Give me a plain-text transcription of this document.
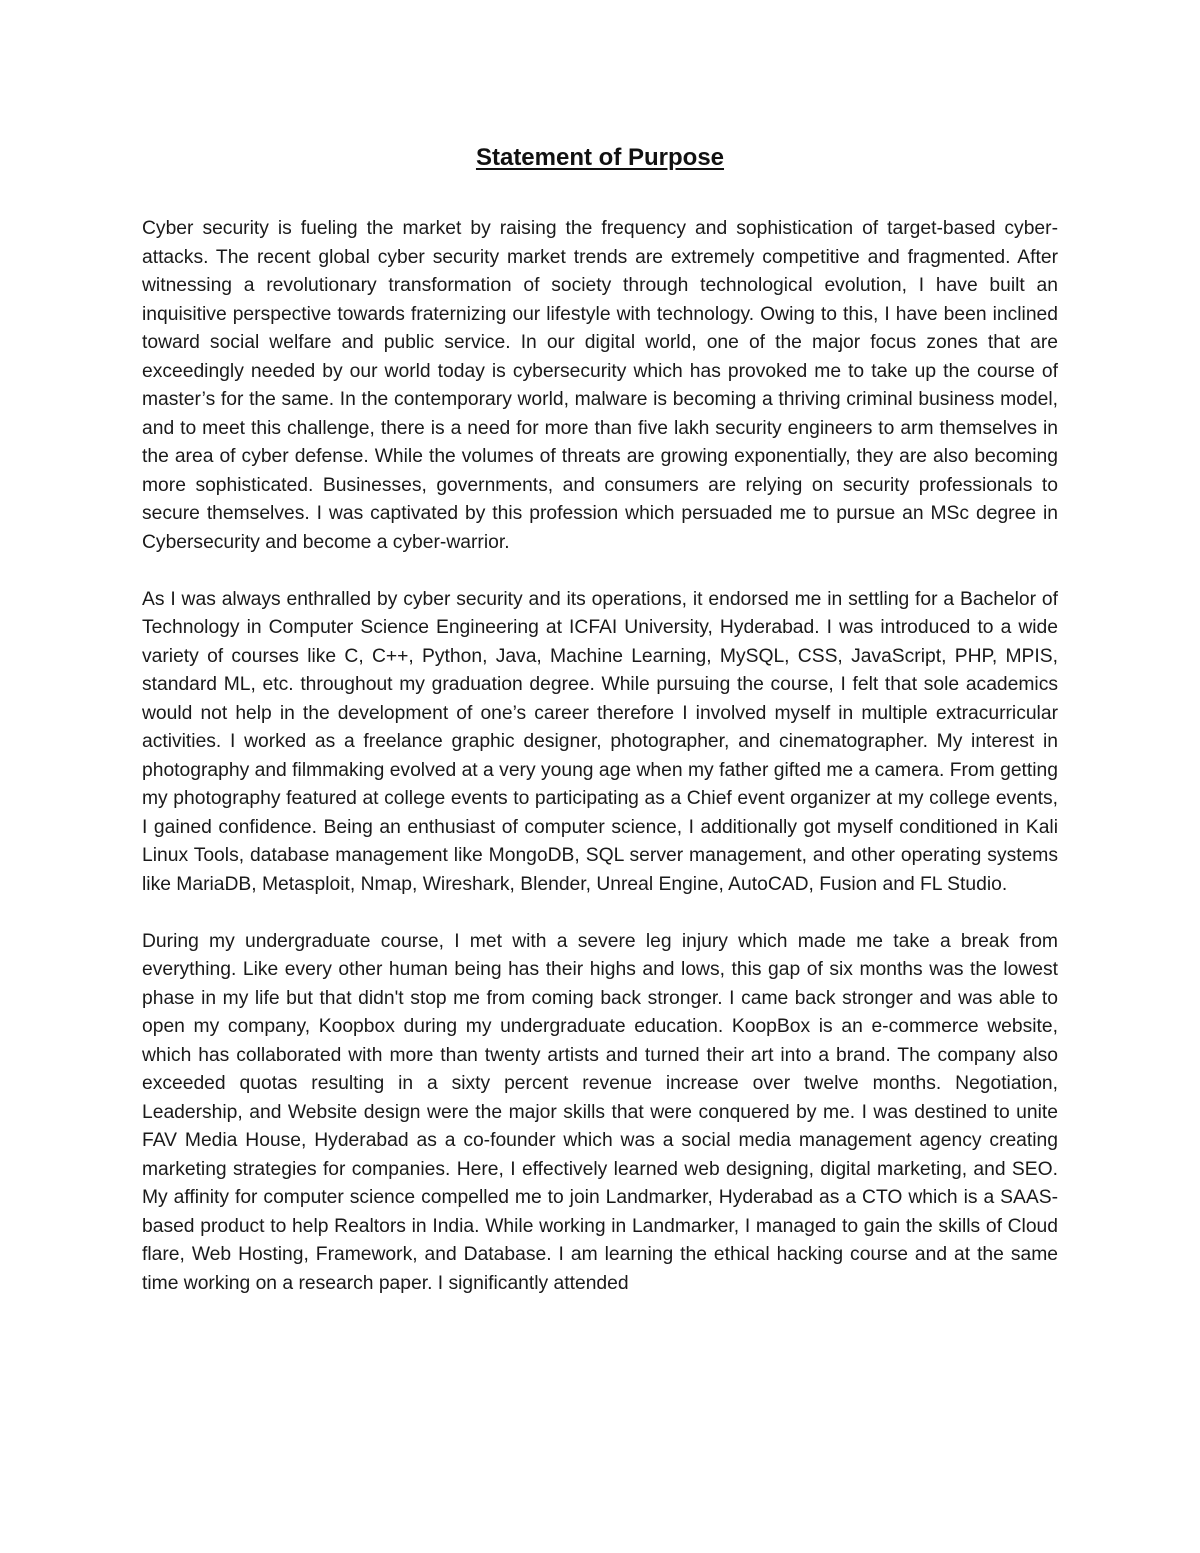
Statement of Purpose

Cyber security is fueling the market by raising the frequency and sophistication of target-based cyber-attacks. The recent global cyber security market trends are extremely competitive and fragmented. After witnessing a revolutionary transformation of society through technological evolution, I have built an inquisitive perspective towards fraternizing our lifestyle with technology. Owing to this, I have been inclined toward social welfare and public service. In our digital world, one of the major focus zones that are exceedingly needed by our world today is cybersecurity which has provoked me to take up the course of master’s for the same. In the contemporary world, malware is becoming a thriving criminal business model, and to meet this challenge, there is a need for more than five lakh security engineers to arm themselves in the area of cyber defense. While the volumes of threats are growing exponentially, they are also becoming more sophisticated. Businesses, governments, and consumers are relying on security professionals to secure themselves. I was captivated by this profession which persuaded me to pursue an MSc degree in Cybersecurity and become a cyber-warrior.

As I was always enthralled by cyber security and its operations, it endorsed me in settling for a Bachelor of Technology in Computer Science Engineering at ICFAI University, Hyderabad. I was introduced to a wide variety of courses like C, C++, Python, Java, Machine Learning, MySQL, CSS, JavaScript, PHP, MPIS, standard ML, etc. throughout my graduation degree. While pursuing the course, I felt that sole academics would not help in the development of one’s career therefore I involved myself in multiple extracurricular activities. I worked as a freelance graphic designer, photographer, and cinematographer. My interest in photography and filmmaking evolved at a very young age when my father gifted me a camera. From getting my photography featured at college events to participating as a Chief event organizer at my college events, I gained confidence. Being an enthusiast of computer science, I additionally got myself conditioned in Kali Linux Tools, database management like MongoDB, SQL server management, and other operating systems like MariaDB, Metasploit, Nmap, Wireshark, Blender, Unreal Engine, AutoCAD, Fusion and FL Studio.

During my undergraduate course, I met with a severe leg injury which made me take a break from everything. Like every other human being has their highs and lows, this gap of six months was the lowest phase in my life but that didn't stop me from coming back stronger. I came back stronger and was able to open my company, Koopbox during my undergraduate education. KoopBox is an e-commerce website, which has collaborated with more than twenty artists and turned their art into a brand. The company also exceeded quotas resulting in a sixty percent revenue increase over twelve months. Negotiation, Leadership, and Website design were the major skills that were conquered by me. I was destined to unite FAV Media House, Hyderabad as a co-founder which was a social media management agency creating marketing strategies for companies. Here, I effectively learned web designing, digital marketing, and SEO. My affinity for computer science compelled me to join Landmarker, Hyderabad as a CTO which is a SAAS-based product to help Realtors in India. While working in Landmarker, I managed to gain the skills of Cloud flare, Web Hosting, Framework, and Database. I am learning the ethical hacking course and at the same time working on a research paper. I significantly attended
